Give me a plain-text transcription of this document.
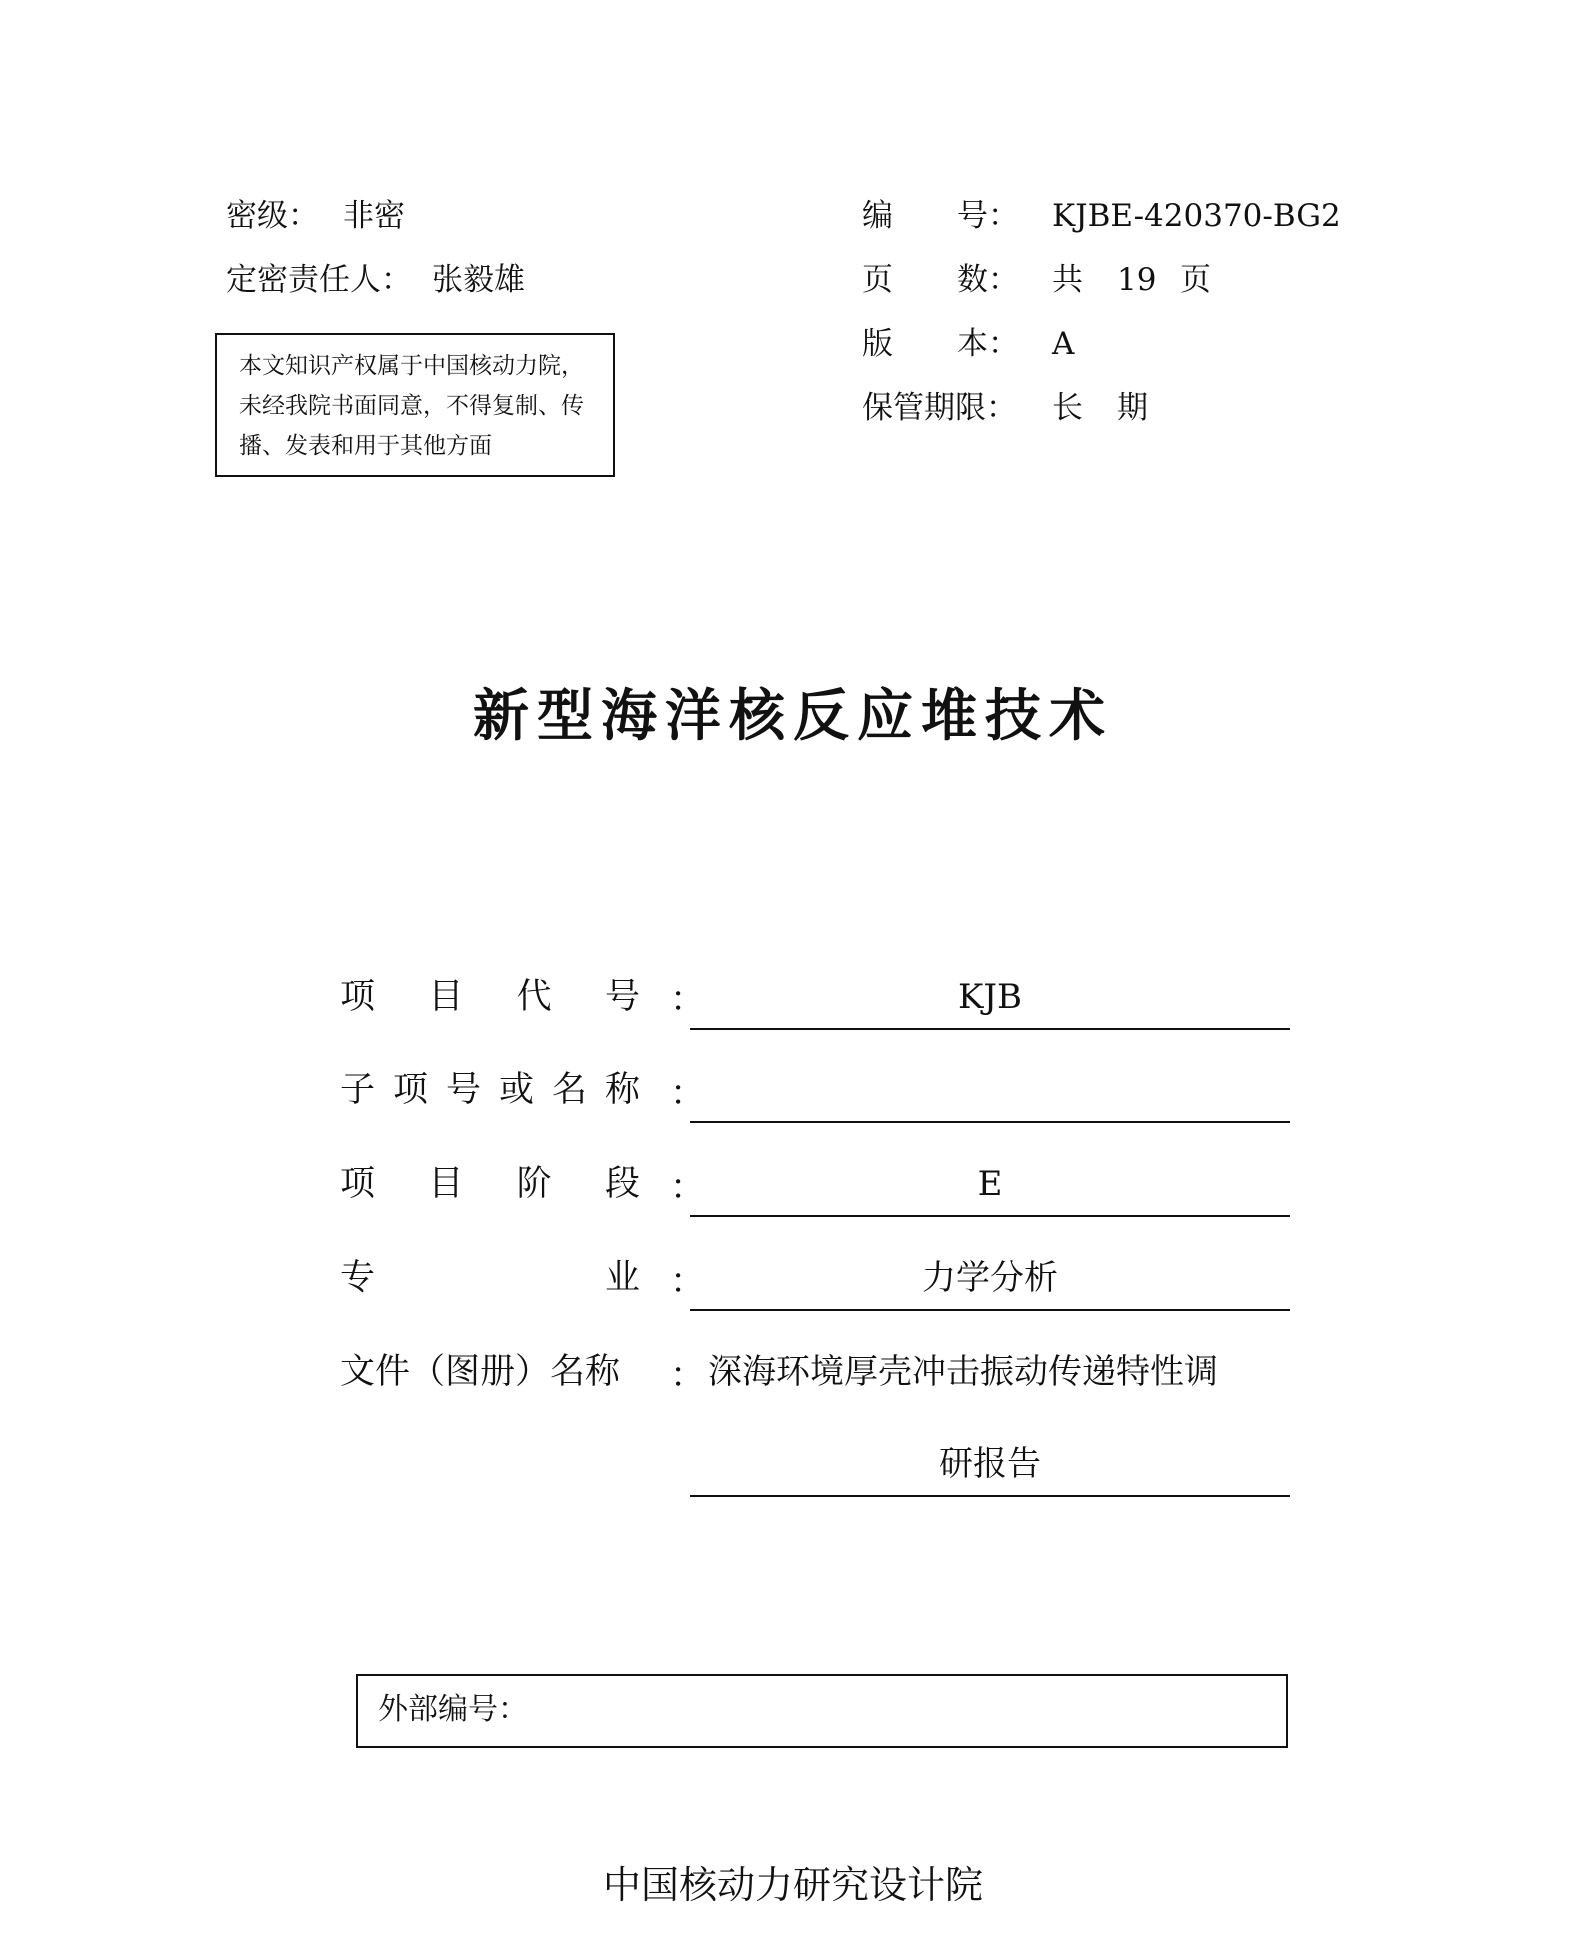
密级： 非密
定密责任人： 张毅雄
本文知识产权属于中国核动力院，
未经我院书面同意，不得复制、传
播、发表和用于其他方面
编 号： KJBE-420370-BG2
页 数： 共 19 页
版 本： A
保管期限： 长 期
新型海洋核反应堆技术
项目代号 ：	KJB
子项号或名称 ：
项目阶段 ：	E
专业 ：	力学分析
文件（图册）名称	： 深海环境厚壳冲击振动传递特性调
研报告
外部编号：
中国核动力研究设计院
